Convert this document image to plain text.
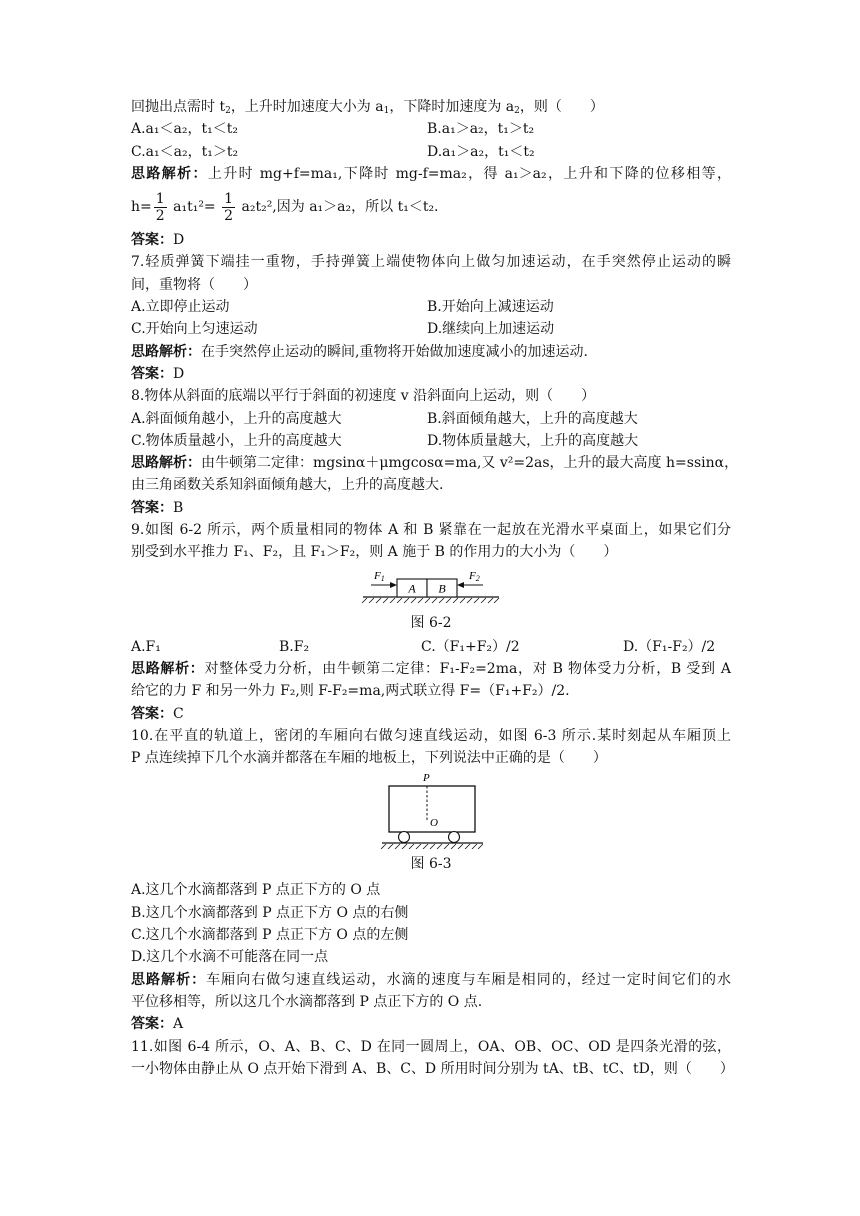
回抛出点需时 $t_2$，上升时加速度大小为 $a_1$，下降时加速度为 $a_2$，则（　　）
A.a₁＜a₂，t₁＜t₂	B.a₁＞a₂，t₁＞t₂
C.a₁＜a₂，t₁＞t₂	D.a₁＞a₂，t₁＜t₂
思路解析：上升时 mg+f=ma₁,下降时 mg-f=ma₂，得 a₁＞a₂，上升和下降的位移相等，
$h= \frac{1}{2} a_1t_1^2= \frac{1}{2} a_2t_2^2$,因为 a₁＞a₂，所以 t₁＜t₂.
答案：D
7.轻质弹簧下端挂一重物，手持弹簧上端使物体向上做匀加速运动，在手突然停止运动的瞬
间，重物将（　　）
A.立即停止运动	B.开始向上减速运动
C.开始向上匀速运动	D.继续向上加速运动
思路解析：在手突然停止运动的瞬间,重物将开始做加速度减小的加速运动.
答案：D
8.物体从斜面的底端以平行于斜面的初速度 v 沿斜面向上运动，则（　　）
A.斜面倾角越小，上升的高度越大	B.斜面倾角越大，上升的高度越大
C.物体质量越小，上升的高度越大	D.物体质量越大，上升的高度越大
思路解析：由牛顿第二定律：mgsinα＋μmgcosα=ma,又 v²=2as，上升的最大高度 h=ssinα，
由三角函数关系知斜面倾角越大，上升的高度越大.
答案：B
9.如图 6-2 所示，两个质量相同的物体 A 和 B 紧靠在一起放在光滑水平桌面上，如果它们分
别受到水平推力 F₁、F₂，且 F₁＞F₂，则 A 施于 B 的作用力的大小为（　　）
A B
F1	F2
图 6-2
A.F₁	B.F₂	C.（F₁+F₂）/2	D.（F₁-F₂）/2
思路解析：对整体受力分析，由牛顿第二定律：F₁-F₂=2ma，对 B 物体受力分析，B 受到 A
给它的力 F 和另一外力 F₂,则 F-F₂=ma,两式联立得 F=（F₁+F₂）/2.
答案：C
10.在平直的轨道上，密闭的车厢向右做匀速直线运动，如图 6-3 所示.某时刻起从车厢顶上
P 点连续掉下几个水滴并都落在车厢的地板上，下列说法中正确的是（　　）
P
O
图 6-3
A.这几个水滴都落到 P 点正下方的 O 点
B.这几个水滴都落到 P 点正下方 O 点的右侧
C.这几个水滴都落到 P 点正下方 O 点的左侧
D.这几个水滴不可能落在同一点
思路解析：车厢向右做匀速直线运动，水滴的速度与车厢是相同的，经过一定时间它们的水
平位移相等，所以这几个水滴都落到 P 点正下方的 O 点.
答案：A
11.如图 6-4 所示，O、A、B、C、D 在同一圆周上，OA、OB、OC、OD 是四条光滑的弦，
一小物体由静止从 O 点开始下滑到 A、B、C、D 所用时间分别为 tA、tB、tC、tD，则（　　）
